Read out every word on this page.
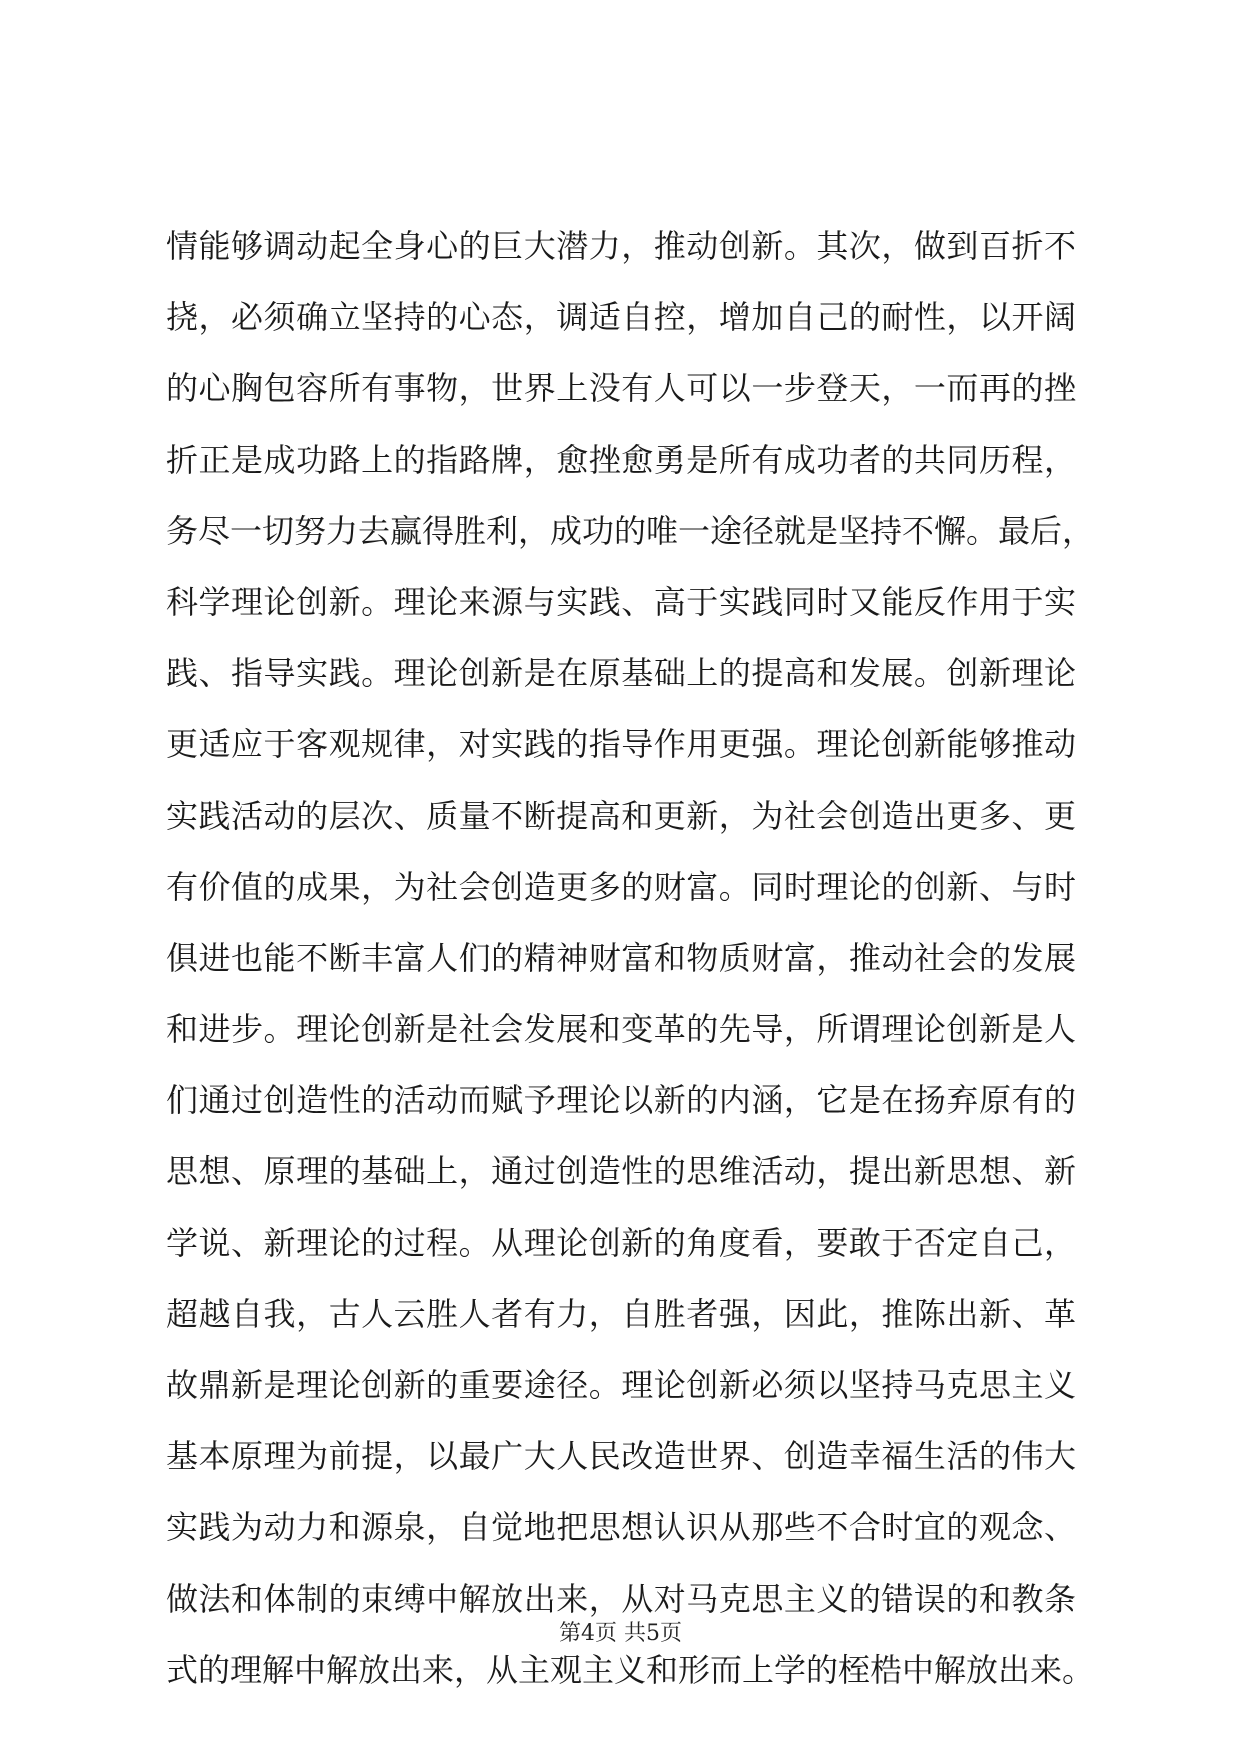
情能够调动起全身心的巨大潜力，推动创新。其次，做到百折不
挠，必须确立坚持的心态，调适自控，增加自己的耐性，以开阔
的心胸包容所有事物，世界上没有人可以一步登天，一而再的挫
折正是成功路上的指路牌，愈挫愈勇是所有成功者的共同历程，
务尽一切努力去赢得胜利，成功的唯一途径就是坚持不懈。最后，
科学理论创新。理论来源与实践、高于实践同时又能反作用于实
践、指导实践。理论创新是在原基础上的提高和发展。创新理论
更适应于客观规律，对实践的指导作用更强。理论创新能够推动
实践活动的层次、质量不断提高和更新，为社会创造出更多、更
有价值的成果，为社会创造更多的财富。同时理论的创新、与时
俱进也能不断丰富人们的精神财富和物质财富，推动社会的发展
和进步。理论创新是社会发展和变革的先导，所谓理论创新是人
们通过创造性的活动而赋予理论以新的内涵，它是在扬弃原有的
思想、原理的基础上，通过创造性的思维活动，提出新思想、新
学说、新理论的过程。从理论创新的角度看，要敢于否定自己，
超越自我，古人云胜人者有力，自胜者强，因此，推陈出新、革
故鼎新是理论创新的重要途径。理论创新必须以坚持马克思主义
基本原理为前提，以最广大人民改造世界、创造幸福生活的伟大
实践为动力和源泉，自觉地把思想认识从那些不合时宜的观念、
做法和体制的束缚中解放出来，从对马克思主义的错误的和教条
式的理解中解放出来，从主观主义和形而上学的桎梏中解放出来。
第4页 共5页
